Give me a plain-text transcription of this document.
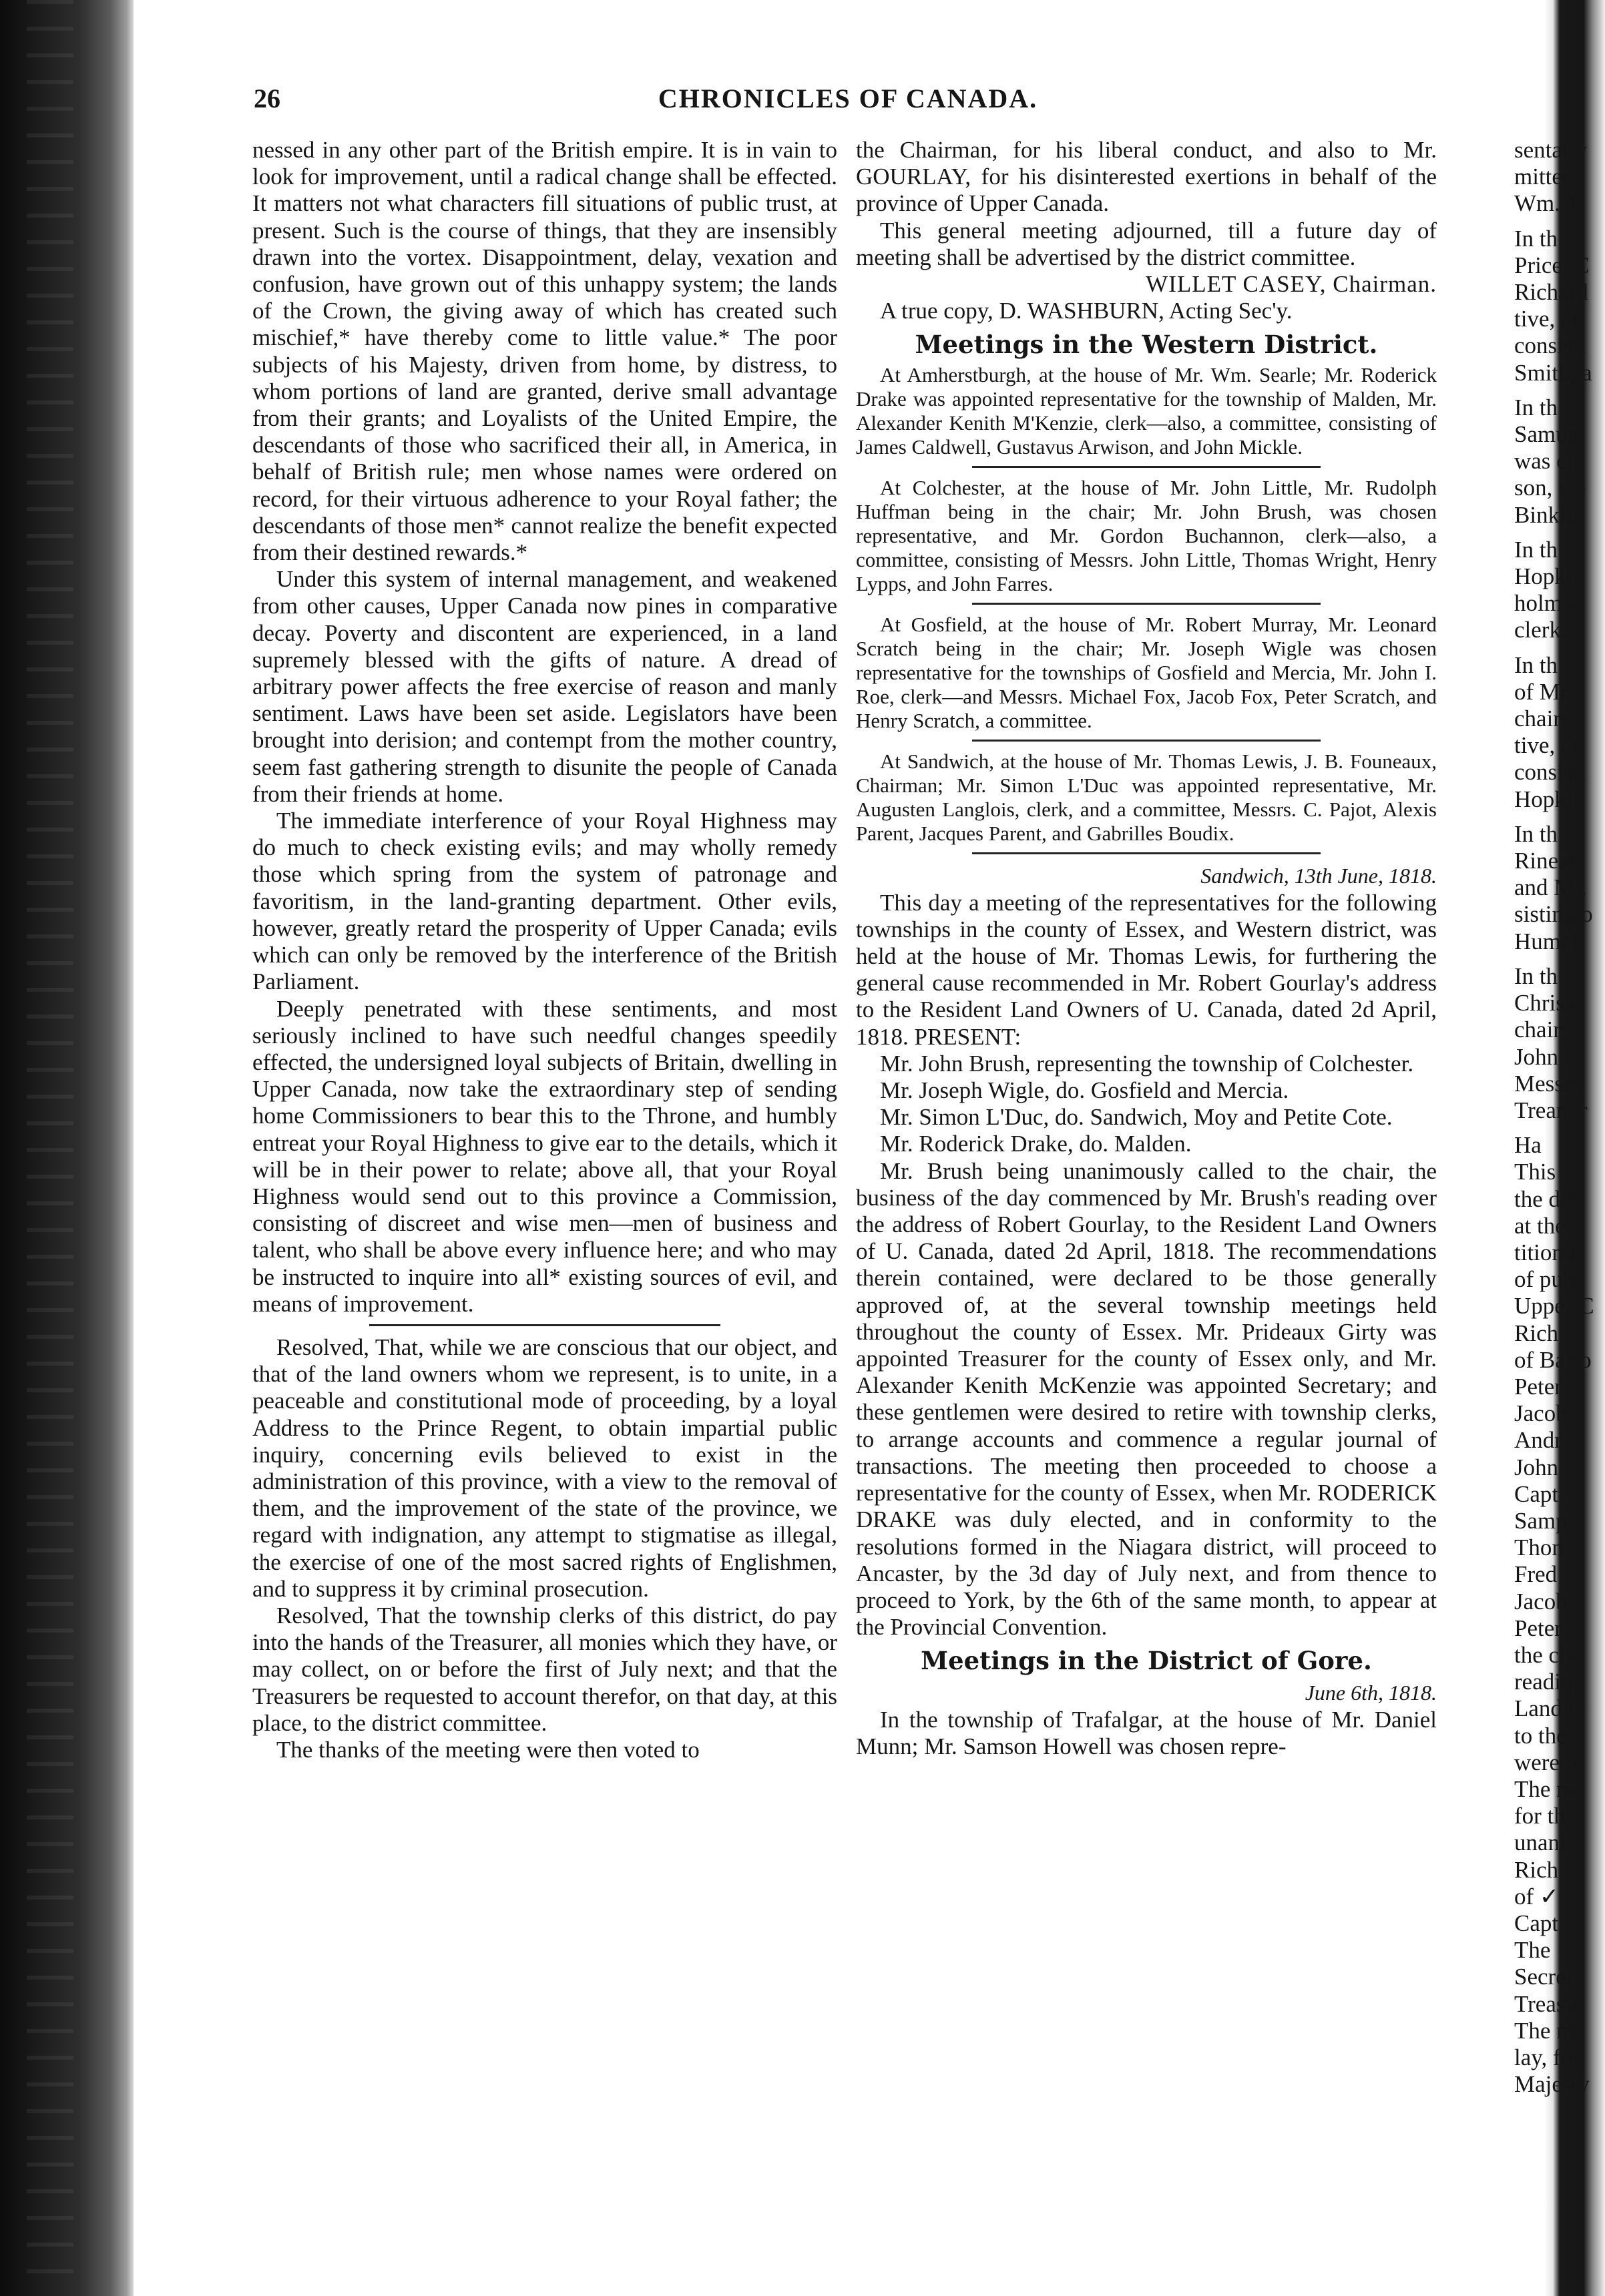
26	CHRONICLES OF CANADA.

nessed in any other part of the British empire. It is in vain to look for improvement, until a radical change shall be effected. It matters not what characters fill situations of public trust, at present. Such is the course of things, that they are insensibly drawn into the vortex. Disappointment, delay, vexation and confusion, have grown out of this unhappy system; the lands of the Crown, the giving away of which has created such mischief,* have thereby come to little value.* The poor subjects of his Majesty, driven from home, by distress, to whom portions of land are granted, derive small advantage from their grants; and Loyalists of the United Empire, the descendants of those who sacrificed their all, in America, in behalf of British rule; men whose names were ordered on record, for their virtuous adherence to your Royal father; the descendants of those men* cannot realize the benefit expected from their destined rewards.*

Under this system of internal management, and weakened from other causes, Upper Canada now pines in comparative decay. Poverty and discontent are experienced, in a land supremely blessed with the gifts of nature. A dread of arbitrary power affects the free exercise of reason and manly sentiment. Laws have been set aside. Legislators have been brought into derision; and contempt from the mother country, seem fast gathering strength to disunite the people of Canada from their friends at home.

The immediate interference of your Royal Highness may do much to check existing evils; and may wholly remedy those which spring from the system of patronage and favoritism, in the land-granting department. Other evils, however, greatly retard the prosperity of Upper Canada; evils which can only be removed by the interference of the British Parliament.

Deeply penetrated with these sentiments, and most seriously inclined to have such needful changes speedily effected, the undersigned loyal subjects of Britain, dwelling in Upper Canada, now take the extraordinary step of sending home Commissioners to bear this to the Throne, and humbly entreat your Royal Highness to give ear to the details, which it will be in their power to relate; above all, that your Royal Highness would send out to this province a Commission, consisting of discreet and wise men—men of business and talent, who shall be above every influence here; and who may be instructed to inquire into all* existing sources of evil, and means of improvement.

Resolved, That, while we are conscious that our object, and that of the land owners whom we represent, is to unite, in a peaceable and constitutional mode of proceeding, by a loyal Address to the Prince Regent, to obtain impartial public inquiry, concerning evils believed to exist in the administration of this province, with a view to the removal of them, and the improvement of the state of the province, we regard with indignation, any attempt to stigmatise as illegal, the exercise of one of the most sacred rights of Englishmen, and to suppress it by criminal prosecution.

Resolved, That the township clerks of this district, do pay into the hands of the Treasurer, all monies which they have, or may collect, on or before the first of July next; and that the Treasurers be requested to account therefor, on that day, at this place, to the district committee.

The thanks of the meeting were then voted to

the Chairman, for his liberal conduct, and also to Mr. GOURLAY, for his disinterested exertions in behalf of the province of Upper Canada.

This general meeting adjourned, till a future day of meeting shall be advertised by the district committee.

WILLET CASEY, Chairman.

A true copy, D. WASHBURN, Acting Sec'y.

Meetings in the Western District.

At Amherstburgh, at the house of Mr. Wm. Searle; Mr. Roderick Drake was appointed representative for the township of Malden, Mr. Alexander Kenith M'Kenzie, clerk—also, a committee, consisting of James Caldwell, Gustavus Arwison, and John Mickle.

At Colchester, at the house of Mr. John Little, Mr. Rudolph Huffman being in the chair; Mr. John Brush, was chosen representative, and Mr. Gordon Buchannon, clerk—also, a committee, consisting of Messrs. John Little, Thomas Wright, Henry Lypps, and John Farres.

At Gosfield, at the house of Mr. Robert Murray, Mr. Leonard Scratch being in the chair; Mr. Joseph Wigle was chosen representative for the townships of Gosfield and Mercia, Mr. John I. Roe, clerk—and Messrs. Michael Fox, Jacob Fox, Peter Scratch, and Henry Scratch, a committee.

At Sandwich, at the house of Mr. Thomas Lewis, J. B. Founeaux, Chairman; Mr. Simon L'Duc was appointed representative, Mr. Augusten Langlois, clerk, and a committee, Messrs. C. Pajot, Alexis Parent, Jacques Parent, and Gabrilles Boudix.

Sandwich, 13th June, 1818.

This day a meeting of the representatives for the following townships in the county of Essex, and Western district, was held at the house of Mr. Thomas Lewis, for furthering the general cause recommended in Mr. Robert Gourlay's address to the Resident Land Owners of U. Canada, dated 2d April, 1818. PRESENT:

Mr. John Brush, representing the township of Colchester.

Mr. Joseph Wigle, do. Gosfield and Mercia.

Mr. Simon L'Duc, do. Sandwich, Moy and Petite Cote.

Mr. Roderick Drake, do. Malden.

Mr. Brush being unanimously called to the chair, the business of the day commenced by Mr. Brush's reading over the address of Robert Gourlay, to the Resident Land Owners of U. Canada, dated 2d April, 1818. The recommendations therein contained, were declared to be those generally approved of, at the several township meetings held throughout the county of Essex. Mr. Prideaux Girty was appointed Treasurer for the county of Essex only, and Mr. Alexander Kenith McKenzie was appointed Secretary; and these gentlemen were desired to retire with township clerks, to arrange accounts and commence a regular journal of transactions. The meeting then proceeded to choose a representative for the county of Essex, when Mr. RODERICK DRAKE was duly elected, and in conformity to the resolutions formed in the Niagara district, will proceed to Ancaster, by the 3d day of July next, and from thence to proceed to York, by the 6th of the same month, to appear at the Provincial Convention.

Meetings in the District of Gore.

June 6th, 1818.

In the township of Trafalgar, at the house of Mr. Daniel Munn; Mr. Samson Howell was chosen repre-

sentativ

mittee,

Wm. T

In th

Price, C

Richard

tive, an

consisti

Smith, a

In th

Samuel

was ch

son, cle

Binkly,

In th

Hopkin

holm w

clerk.

In th

of Mr.

chair;

tive, an

consisti

Hopkin

In th

Rinear

and Mr.

sisting o

Humel.

In th

Christo

chair;

John H

Messrs.

Treanor

Ha

This

the diff

at the

titionin

of publ

Upper C

Rich

of Barto

Peter

Jacob

Andr

John

Capt.

Samp

Thon

Fred

Jacob

Peter

the cha

reading

Land O

to the

were u

The me

for the

unanim

Rich

of ✓ er

Capt

The

Secreta

Treasu

The me

lay, for

Majesty
